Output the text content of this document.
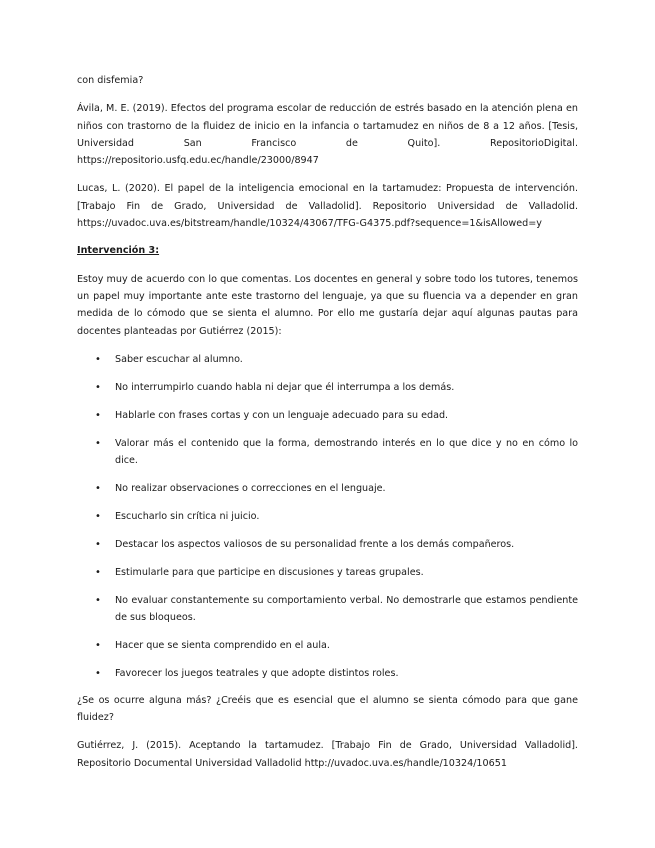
con disfemia?

Ávila, M. E. (2019). Efectos del programa escolar de reducción de estrés basado en la atención plena en

niños con trastorno de la fluidez de inicio en la infancia o tartamudez en niños de 8 a 12 años. [Tesis,

Universidad San Francisco de Quito]. RepositorioDigital.

https://repositorio.usfq.edu.ec/handle/23000/8947

Lucas, L. (2020). El papel de la inteligencia emocional en la tartamudez: Propuesta de intervención.

[Trabajo Fin de Grado, Universidad de Valladolid]. Repositorio Universidad de Valladolid.

https://uvadoc.uva.es/bitstream/handle/10324/43067/TFG-G4375.pdf?sequence=1&isAllowed=y

Intervención 3:

Estoy muy de acuerdo con lo que comentas. Los docentes en general y sobre todo los tutores, tenemos un papel muy importante ante este trastorno del lenguaje, ya que su fluencia va a depender en gran medida de lo cómodo que se sienta el alumno. Por ello me gustaría dejar aquí algunas pautas para docentes planteadas por Gutiérrez (2015):

• Saber escuchar al alumno.
• No interrumpirlo cuando habla ni dejar que él interrumpa a los demás.
• Hablarle con frases cortas y con un lenguaje adecuado para su edad.
• Valorar más el contenido que la forma, demostrando interés en lo que dice y no en cómo lo dice.
• No realizar observaciones o correcciones en el lenguaje.
• Escucharlo sin crítica ni juicio.
• Destacar los aspectos valiosos de su personalidad frente a los demás compañeros.
• Estimularle para que participe en discusiones y tareas grupales.
• No evaluar constantemente su comportamiento verbal. No demostrarle que estamos pendiente de sus bloqueos.
• Hacer que se sienta comprendido en el aula.
• Favorecer los juegos teatrales y que adopte distintos roles.

¿Se os ocurre alguna más? ¿Creéis que es esencial que el alumno se sienta cómodo para que gane fluidez?

Gutiérrez, J. (2015). Aceptando la tartamudez. [Trabajo Fin de Grado, Universidad Valladolid].

Repositorio Documental Universidad Valladolid http://uvadoc.uva.es/handle/10324/10651
